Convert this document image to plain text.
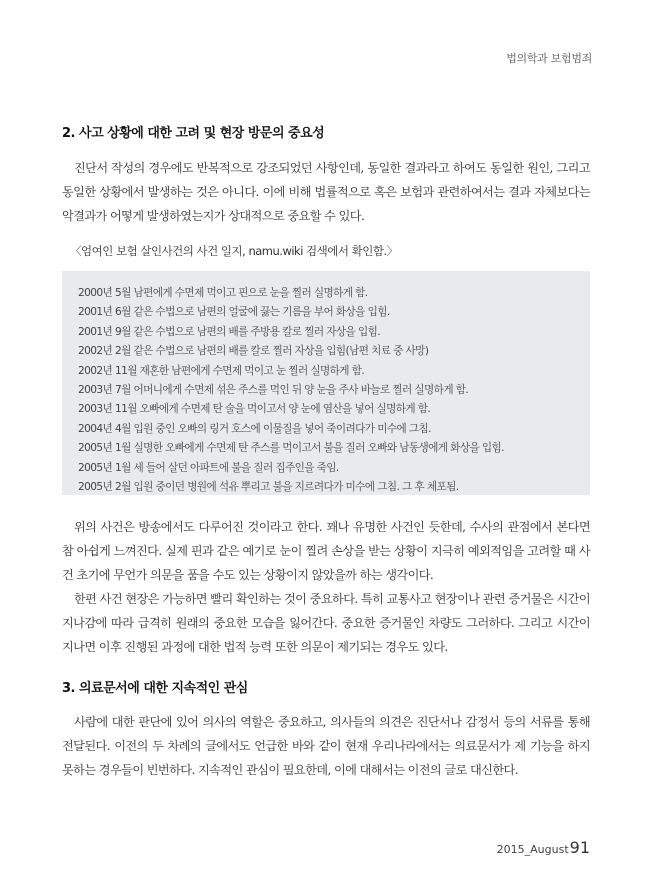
법의학과 보험범죄
2. 사고 상황에 대한 고려 및 현장 방문의 중요성

진단서 작성의 경우에도 반복적으로 강조되었던 사항인데, 동일한 결과라고 하여도 동일한 원인, 그리고 동일한 상황에서 발생하는 것은 아니다. 이에 비해 법률적으로 혹은 보험과 관련하여서는 결과 자체보다는 악결과가 어떻게 발생하였는지가 상대적으로 중요할 수 있다.

〈엄여인 보험 살인사건의 사건 일지, namu.wiki 검색에서 확인함.〉
2000년 5월 남편에게 수면제 먹이고 핀으로 눈을 찔러 실명하게 함.
2001년 6월 같은 수법으로 남편의 얼굴에 끓는 기름을 부어 화상을 입힘.
2001년 9월 같은 수법으로 남편의 배를 주방용 칼로 찔러 자상을 입힘.
2002년 2월 같은 수법으로 남편의 배를 칼로 찔러 자상을 입힘(남편 치료 중 사망)
2002년 11월 재혼한 남편에게 수면제 먹이고 눈 찔러 실명하게 함.
2003년 7월 어머니에게 수면제 섞은 주스를 먹인 뒤 양 눈을 주사 바늘로 찔러 실명하게 함.
2003년 11월 오빠에게 수면제 탄 술을 먹이고서 양 눈에 염산을 넣어 실명하게 함.
2004년 4월 입원 중인 오빠의 링거 호스에 이물질을 넣어 죽이려다가 미수에 그침.
2005년 1월 실명한 오빠에게 수면제 탄 주스를 먹이고서 불을 질러 오빠와 남동생에게 화상을 입힘.
2005년 1월 세 들어 살던 아파트에 불을 질러 집주인을 죽임.
2005년 2월 입원 중이던 병원에 석유 뿌리고 불을 지르려다가 미수에 그침. 그 후 체포됨.

위의 사건은 방송에서도 다루어진 것이라고 한다. 꽤나 유명한 사건인 듯한데, 수사의 관점에서 본다면 참 아쉽게 느껴진다. 실제 핀과 같은 예기로 눈이 찔려 손상을 받는 상황이 지극히 예외적임을 고려할 때 사건 초기에 무언가 의문을 품을 수도 있는 상황이지 않았을까 하는 생각이다.

한편 사건 현장은 가능하면 빨리 확인하는 것이 중요하다. 특히 교통사고 현장이나 관련 증거물은 시간이 지나감에 따라 급격히 원래의 중요한 모습을 잃어간다. 중요한 증거물인 차량도 그러하다. 그리고 시간이 지나면 이후 진행된 과정에 대한 법적 능력 또한 의문이 제기되는 경우도 있다.

3. 의료문서에 대한 지속적인 관심

사람에 대한 판단에 있어 의사의 역할은 중요하고, 의사들의 의견은 진단서나 감정서 등의 서류를 통해 전달된다. 이전의 두 차례의 글에서도 언급한 바와 같이 현재 우리나라에서는 의료문서가 제 기능을 하지 못하는 경우들이 빈번하다. 지속적인 관심이 필요한데, 이에 대해서는 이전의 글로 대신한다.

2015_August91
